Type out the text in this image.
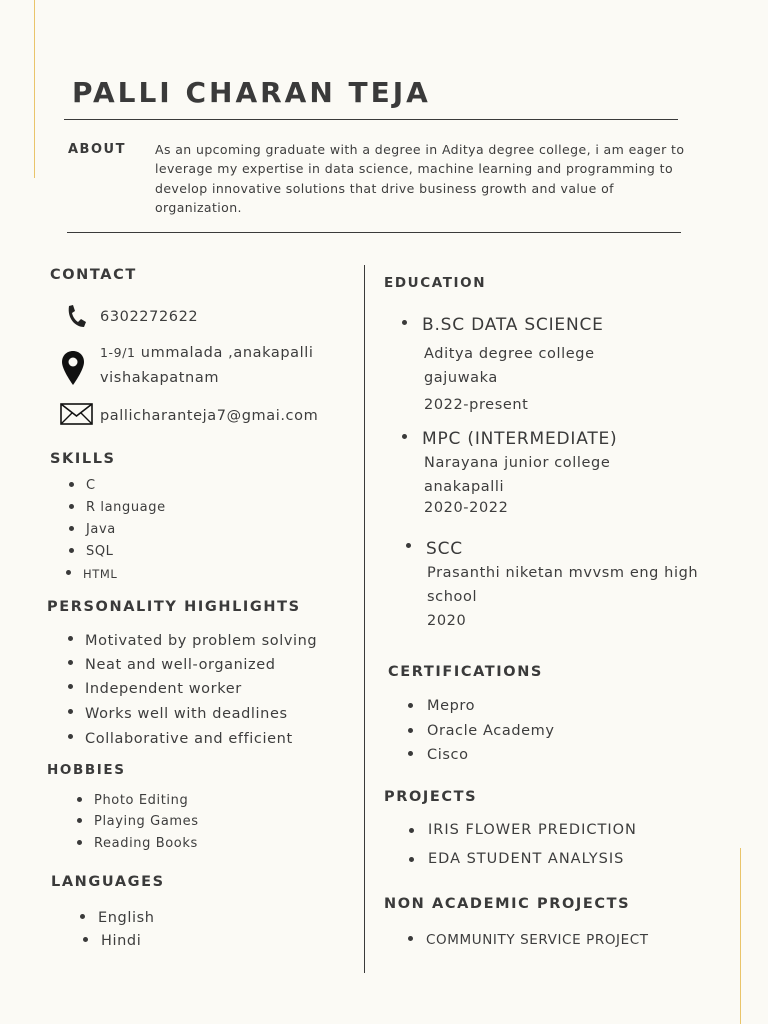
PALLI CHARAN TEJA
ABOUT As an upcoming graduate with a degree in Aditya degree college, i am eager to leverage my expertise in data science, machine learning and programming to develop innovative solutions that drive business growth and value of organization.
CONTACT
6302272622
1-9/1 ummalada ,anakapalli
vishakapatnam
pallicharanteja7@gmai.com
SKILLS
C
R language
Java
SQL
HTML
PERSONALITY HIGHLIGHTS
Motivated by problem solving
Neat and well-organized
Independent worker
Works well with deadlines
Collaborative and efficient
HOBBIES
Photo Editing
Playing Games
Reading Books
LANGUAGES
English
Hindi
EDUCATION
B.SC DATA SCIENCE
Aditya degree college
gajuwaka
2022-present
MPC (INTERMEDIATE)
Narayana junior college
anakapalli
2020-2022
SCC
Prasanthi niketan mvvsm eng high
school
2020
CERTIFICATIONS
Mepro
Oracle Academy
Cisco
PROJECTS
IRIS FLOWER PREDICTION
EDA STUDENT ANALYSIS
NON ACADEMIC PROJECTS
COMMUNITY SERVICE PROJECT
